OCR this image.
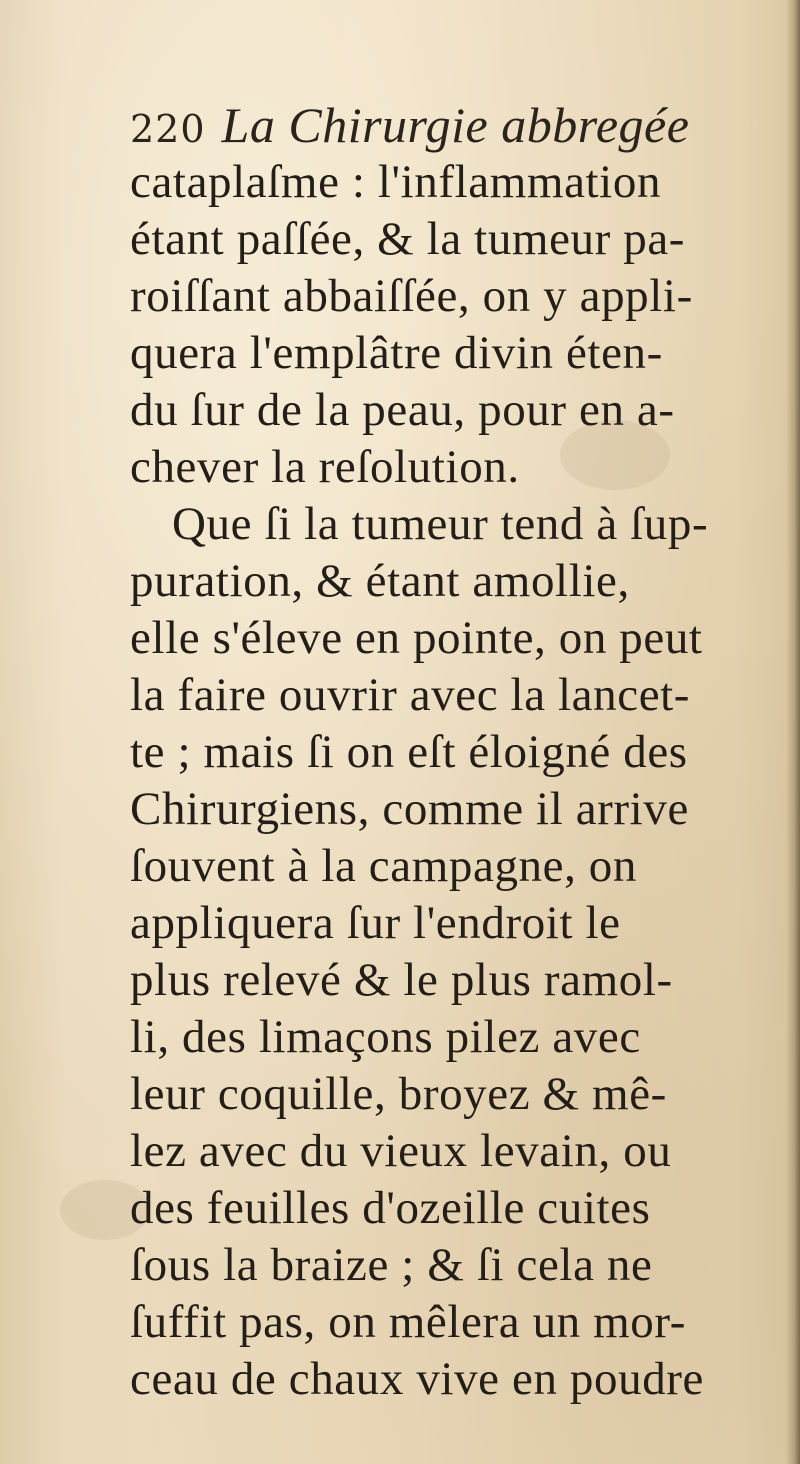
220 La Chirurgie abbregée
cataplaſme : l'inflammation
étant paſſée, & la tumeur pa-
roiſſant abbaiſſée, on y appli-
quera l'emplâtre divin éten-
du ſur de la peau, pour en a-
chever la reſolution.
Que ſi la tumeur tend à ſup-
puration, & étant amollie,
elle s'éleve en pointe, on peut
la faire ouvrir avec la lancet-
te ; mais ſi on eſt éloigné des
Chirurgiens, comme il arrive
ſouvent à la campagne, on
appliquera ſur l'endroit le
plus relevé & le plus ramol-
li, des limaçons pilez avec
leur coquille, broyez & mê-
lez avec du vieux levain, ou
des feuilles d'ozeille cuites
ſous la braize ; & ſi cela ne
ſuffit pas, on mêlera un mor-
ceau de chaux vive en poudre
